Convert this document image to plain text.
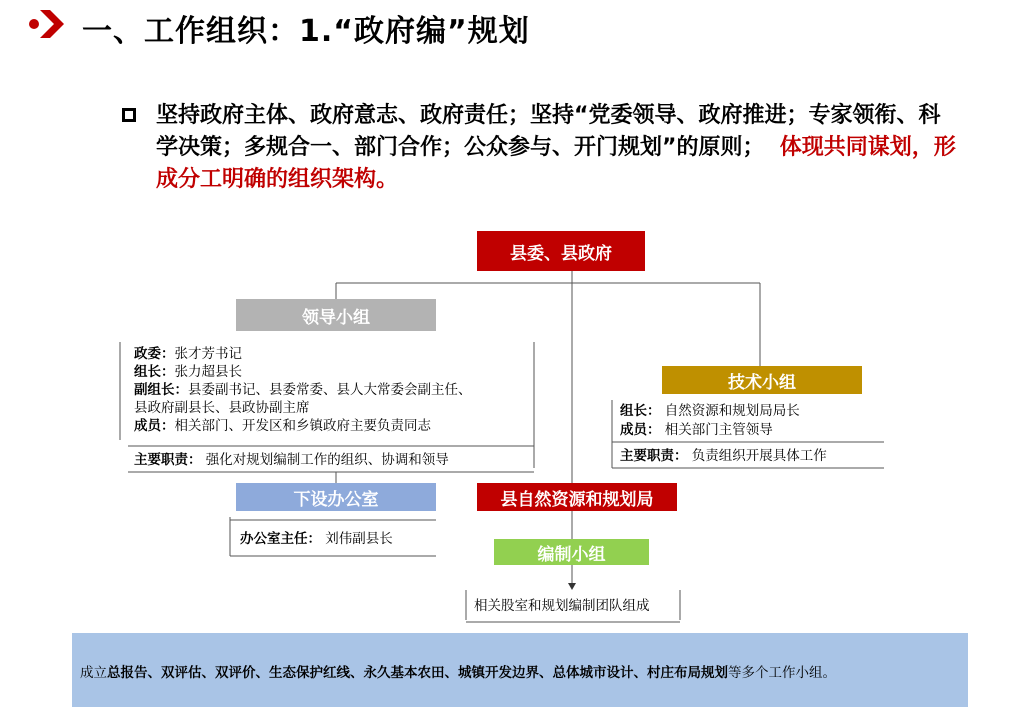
一、工作组织：1.“政府编”规划
坚持政府主体、政府意志、政府责任；坚持“党委领导、政府推进；专家领衔、科学决策；多规合一、部门合作；公众参与、开门规划”的原则； 体现共同谋划，形成分工明确的组织架构。
县委、县政府
领导小组
技术小组
下设办公室	县自然资源和规划局
编制小组
政委：张才芳书记
组长：张力超县长
副组长：县委副书记、县委常委、县人大常委会副主任、
县政府副县长、县政协副主席
成员：相关部门、开发区和乡镇政府主要负责同志
主要职责： 强化对规划编制工作的组织、协调和领导
组长： 自然资源和规划局局长
成员： 相关部门主管领导
主要职责： 负责组织开展具体工作
办公室主任： 刘伟副县长
相关股室和规划编制团队组成
成立总报告、双评估、双评价、生态保护红线、永久基本农田、城镇开发边界、总体城市设计、村庄布局规划等多个工作小组。
